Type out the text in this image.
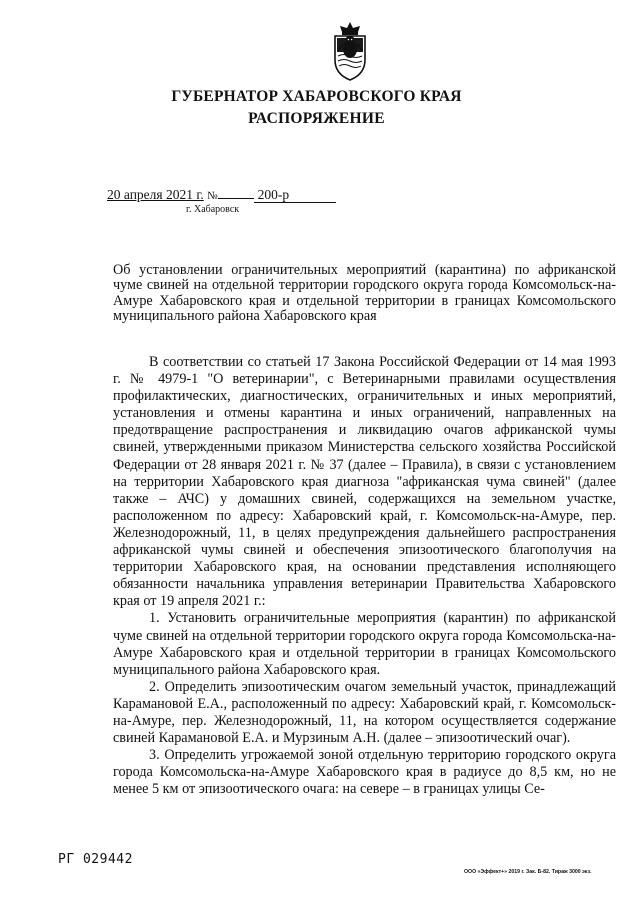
ГУБЕРНАТОР ХАБАРОВСКОГО КРАЯ
РАСПОРЯЖЕНИЕ
20 апреля 2021 г. №	200-р
г. Хабаровск
Об установлении ограничительных мероприятий (карантина) по африканской чуме свиней на отдельной территории городского округа города Комсомольск-на-Амуре Хабаровского края и отдельной территории в границах Комсомольского муниципального района Хабаровского края

В соответствии со статьей 17 Закона Российской Федерации от 14 мая 1993 г. № 4979-1 "О ветеринарии", с Ветеринарными правилами осуществления профилактических, диагностических, ограничительных и иных мероприятий, установления и отмены карантина и иных ограничений, направленных на предотвращение распространения и ликвидацию очагов африканской чумы свиней, утвержденными приказом Министерства сельского хозяйства Российской Федерации от 28 января 2021 г. № 37 (далее – Правила), в связи с установлением на территории Хабаровского края диагноза "африканская чума свиней" (далее также – АЧС) у домашних свиней, содержащихся на земельном участке, расположенном по адресу: Хабаровский край, г. Комсомольск-на-Амуре, пер. Железнодорожный, 11, в целях предупреждения дальнейшего распространения африканской чумы свиней и обеспечения эпизоотического благополучия на территории Хабаровского края, на основании представления исполняющего обязанности начальника управления ветеринарии Правительства Хабаровского края от 19 апреля 2021 г.:

1. Установить ограничительные мероприятия (карантин) по африканской чуме свиней на отдельной территории городского округа города Комсомольска-на-Амуре Хабаровского края и отдельной территории в границах Комсомольского муниципального района Хабаровского края.

2. Определить эпизоотическим очагом земельный участок, принадлежащий Карамановой Е.А., расположенный по адресу: Хабаровский край, г. Комсомольск-на-Амуре, пер. Железнодорожный, 11, на котором осуществляется содержание свиней Карамановой Е.А. и Мурзиным А.Н. (далее – эпизоотический очаг).

3. Определить угрожаемой зоной отдельную территорию городского округа города Комсомольска-на-Амуре Хабаровского края в радиусе до 8,5 км, но не менее 5 км от эпизоотического очага: на севере – в границах улицы Се-

РГ 029442
ООО «Эффект+» 2019 г. Зак. Б-82. Тираж 3000 экз.
